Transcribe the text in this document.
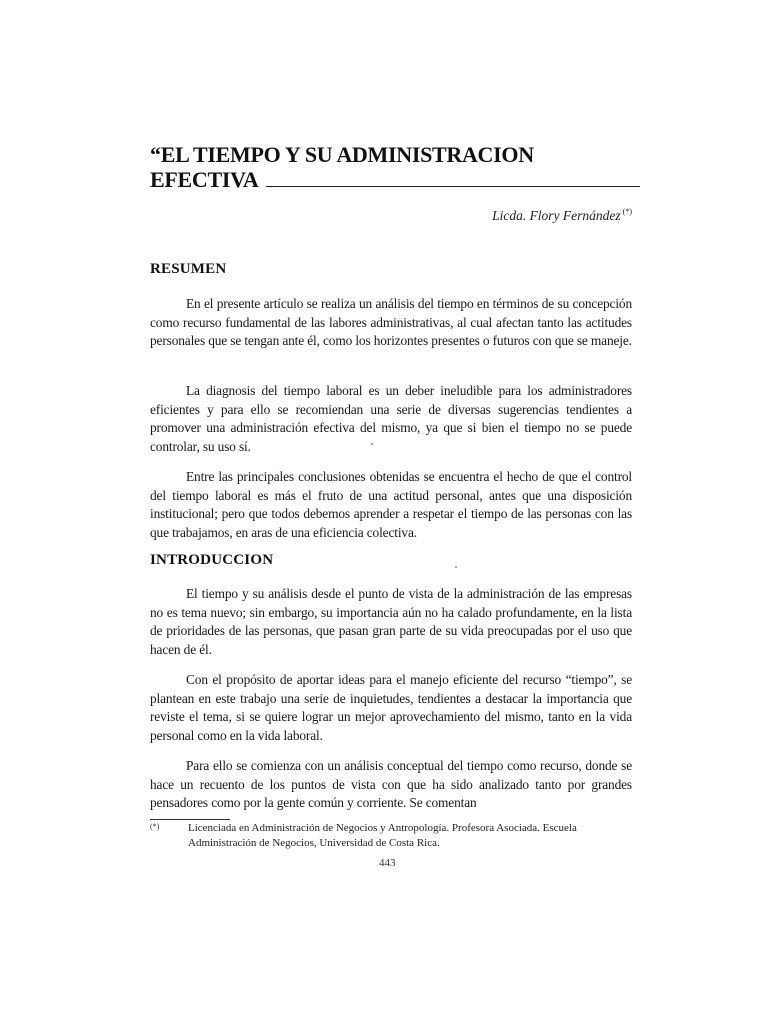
“EL TIEMPO Y SU ADMINISTRACION
EFECTIVA
Licda. Flory Fernández (*)
RESUMEN

En el presente artículo se realiza un análisis del tiempo en términos de su concepción como recurso fundamental de las labores administrativas, al cual afectan tanto las actitudes personales que se tengan ante él, como los horizontes presentes o futuros con que se maneje.

La diagnosis del tiempo laboral es un deber ineludible para los administradores eficientes y para ello se recomiendan una serie de diversas sugerencias tendientes a promover una administración efectiva del mismo, ya que si bien el tiempo no se puede controlar, su uso sí.

Entre las principales conclusiones obtenidas se encuentra el hecho de que el control del tiempo laboral es más el fruto de una actitud personal, antes que una disposición institucional; pero que todos debemos aprender a respetar el tiempo de las personas con las que trabajamos, en aras de una eficiencia colectiva.

INTRODUCCION

El tiempo y su análisis desde el punto de vista de la administración de las empresas no es tema nuevo; sin embargo, su importancia aún no ha calado profundamente, en la lista de prioridades de las personas, que pasan gran parte de su vida preocupadas por el uso que hacen de él.

Con el propósito de aportar ideas para el manejo eficiente del recurso “tiempo”, se plantean en este trabajo una serie de inquietudes, tendientes a destacar la importancia que reviste el tema, si se quiere lograr un mejor aprovechamiento del mismo, tanto en la vida personal como en la vida laboral.

Para ello se comienza con un análisis conceptual del tiempo como recurso, donde se hace un recuento de los puntos de vista con que ha sido analizado tanto por grandes pensadores como por la gente común y corriente. Se comentan

(*)	Licenciada en Administración de Negocios y Antropología. Profesora Asociada. Escuela Administración de Negocios, Universidad de Costa Rica.

443
